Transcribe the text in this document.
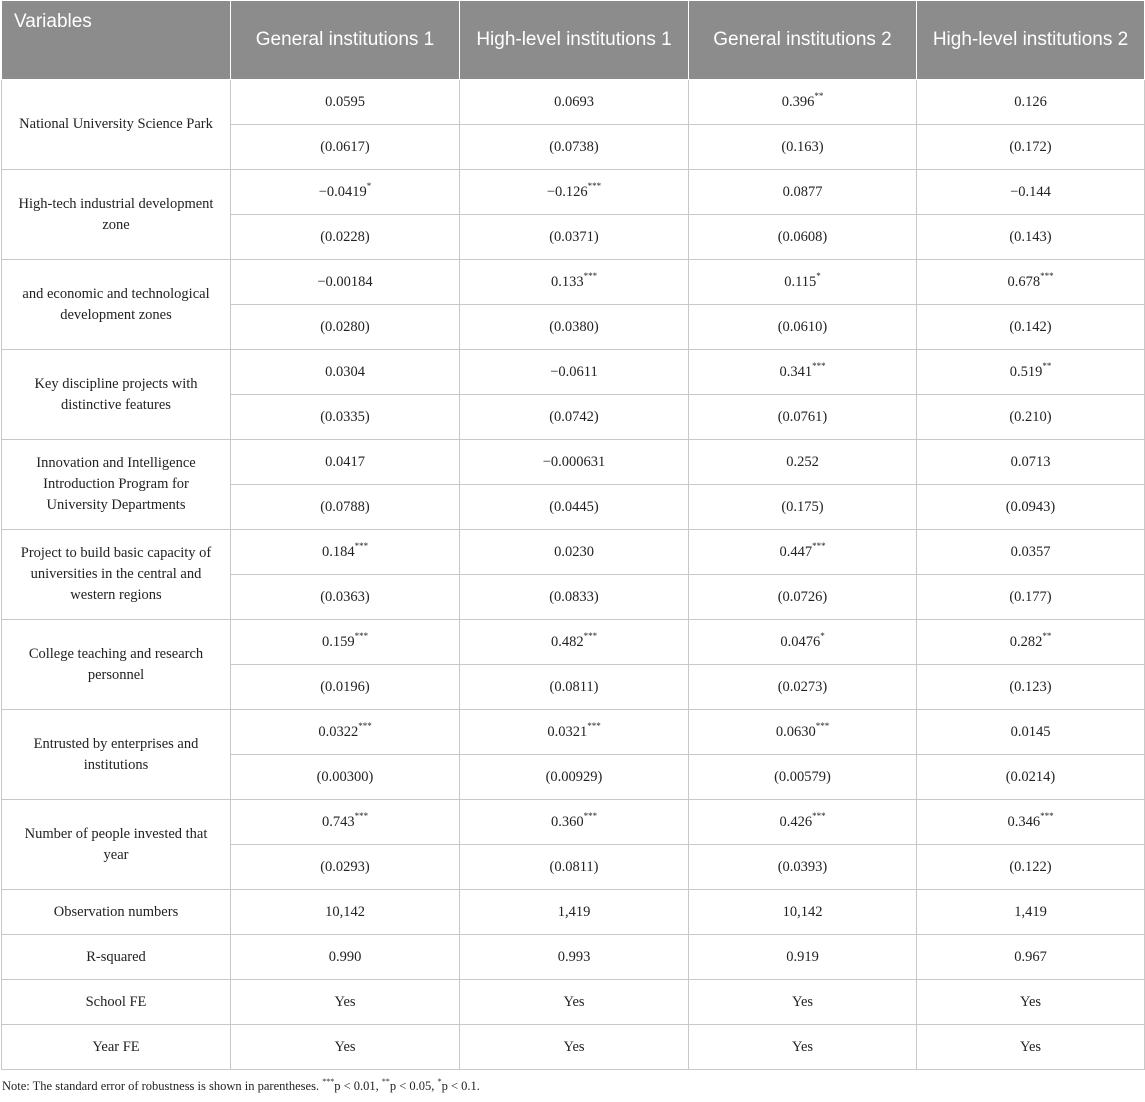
Variables	General institutions 1	High-level institutions 1	General institutions 2	High-level institutions 2
National University Science Park	0.0595	0.0693	0.396**	0.126
	(0.0617)	(0.0738)	(0.163)	(0.172)
High-tech industrial development zone	−0.0419*	−0.126***	0.0877	−0.144
	(0.0228)	(0.0371)	(0.0608)	(0.143)
and economic and technological development zones	−0.00184	0.133***	0.115*	0.678***
	(0.0280)	(0.0380)	(0.0610)	(0.142)
Key discipline projects with distinctive features	0.0304	−0.0611	0.341***	0.519**
	(0.0335)	(0.0742)	(0.0761)	(0.210)
Innovation and Intelligence Introduction Program for University Departments	0.0417	−0.000631	0.252	0.0713
	(0.0788)	(0.0445)	(0.175)	(0.0943)
Project to build basic capacity of universities in the central and western regions	0.184***	0.0230	0.447***	0.0357
	(0.0363)	(0.0833)	(0.0726)	(0.177)
College teaching and research personnel	0.159***	0.482***	0.0476*	0.282**
	(0.0196)	(0.0811)	(0.0273)	(0.123)
Entrusted by enterprises and institutions	0.0322***	0.0321***	0.0630***	0.0145
	(0.00300)	(0.00929)	(0.00579)	(0.0214)
Number of people invested that year	0.743***	0.360***	0.426***	0.346***
	(0.0293)	(0.0811)	(0.0393)	(0.122)
Observation numbers	10,142	1,419	10,142	1,419
R-squared	0.990	0.993	0.919	0.967
School FE	Yes	Yes	Yes	Yes
Year FE	Yes	Yes	Yes	Yes
Note: The standard error of robustness is shown in parentheses. ***p < 0.01, **p < 0.05, *p < 0.1.
